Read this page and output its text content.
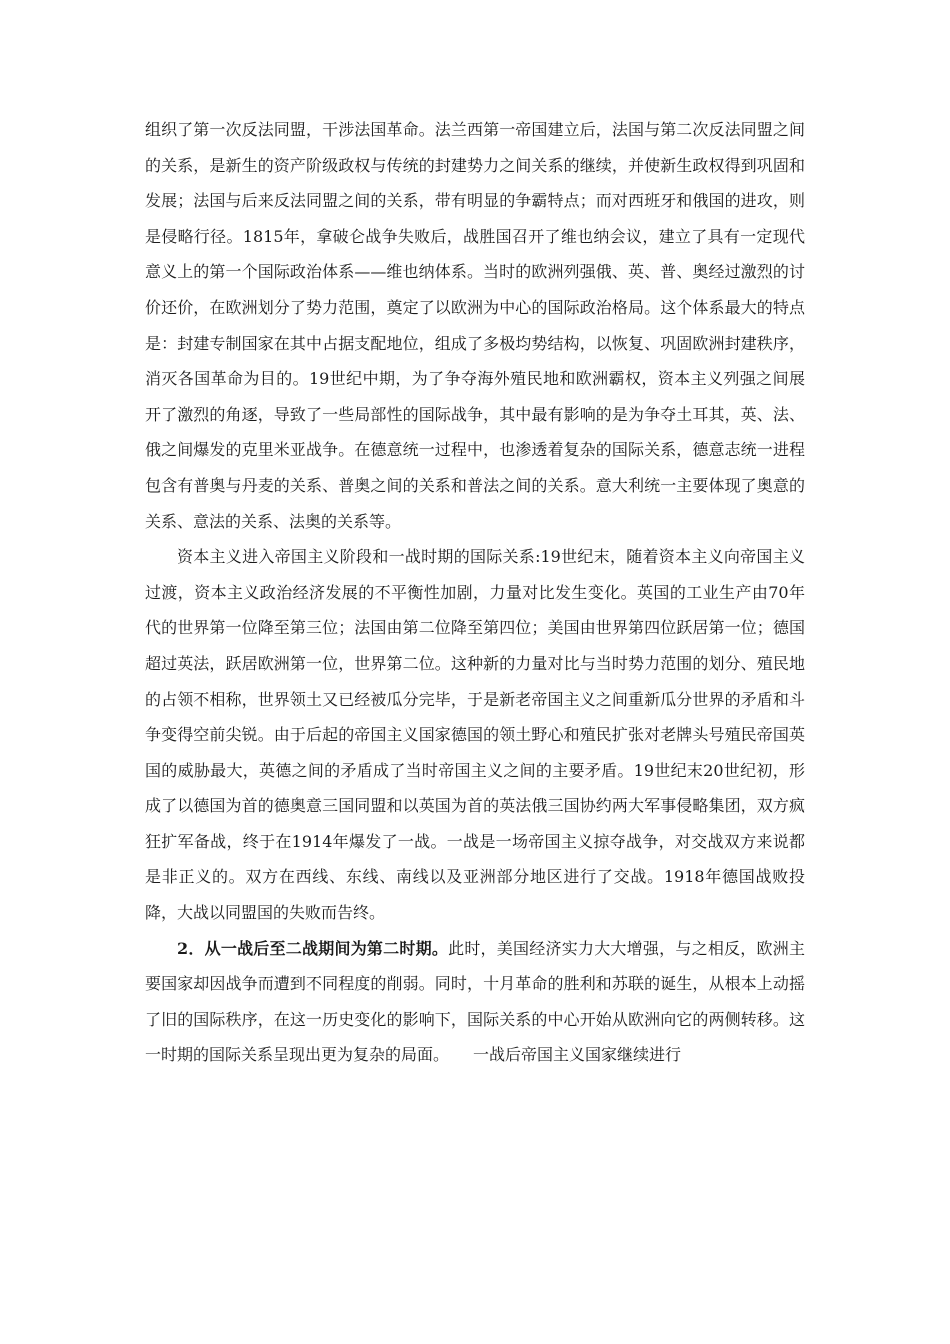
组织了第一次反法同盟，干涉法国革命。法兰西第一帝国建立后，法国与第二次反法同盟之间的关系，是新生的资产阶级政权与传统的封建势力之间关系的继续，并使新生政权得到巩固和发展；法国与后来反法同盟之间的关系，带有明显的争霸特点；而对西班牙和俄国的进攻，则是侵略行径。1815年，拿破仑战争失败后，战胜国召开了维也纳会议，建立了具有一定现代意义上的第一个国际政治体系——维也纳体系。当时的欧洲列强俄、英、普、奥经过激烈的讨价还价，在欧洲划分了势力范围，奠定了以欧洲为中心的国际政治格局。这个体系最大的特点是：封建专制国家在其中占据支配地位，组成了多极均势结构，以恢复、巩固欧洲封建秩序，消灭各国革命为目的。19世纪中期，为了争夺海外殖民地和欧洲霸权，资本主义列强之间展开了激烈的角逐，导致了一些局部性的国际战争，其中最有影响的是为争夺土耳其，英、法、俄之间爆发的克里米亚战争。在德意统一过程中，也渗透着复杂的国际关系，德意志统一进程包含有普奥与丹麦的关系、普奥之间的关系和普法之间的关系。意大利统一主要体现了奥意的关系、意法的关系、法奥的关系等。

资本主义进入帝国主义阶段和一战时期的国际关系:19世纪末，随着资本主义向帝国主义过渡，资本主义政治经济发展的不平衡性加剧，力量对比发生变化。英国的工业生产由70年代的世界第一位降至第三位；法国由第二位降至第四位；美国由世界第四位跃居第一位；德国超过英法，跃居欧洲第一位，世界第二位。这种新的力量对比与当时势力范围的划分、殖民地的占领不相称，世界领土又已经被瓜分完毕，于是新老帝国主义之间重新瓜分世界的矛盾和斗争变得空前尖锐。由于后起的帝国主义国家德国的领土野心和殖民扩张对老牌头号殖民帝国英国的威胁最大，英德之间的矛盾成了当时帝国主义之间的主要矛盾。19世纪末20世纪初，形成了以德国为首的德奥意三国同盟和以英国为首的英法俄三国协约两大军事侵略集团，双方疯狂扩军备战，终于在1914年爆发了一战。一战是一场帝国主义掠夺战争，对交战双方来说都是非正义的。双方在西线、东线、南线以及亚洲部分地区进行了交战。1918年德国战败投降，大战以同盟国的失败而告终。

2．从一战后至二战期间为第二时期。此时，美国经济实力大大增强，与之相反，欧洲主要国家却因战争而遭到不同程度的削弱。同时，十月革命的胜利和苏联的诞生，从根本上动摇了旧的国际秩序，在这一历史变化的影响下，国际关系的中心开始从欧洲向它的两侧转移。这一时期的国际关系呈现出更为复杂的局面。　　一战后帝国主义国家继续进行
